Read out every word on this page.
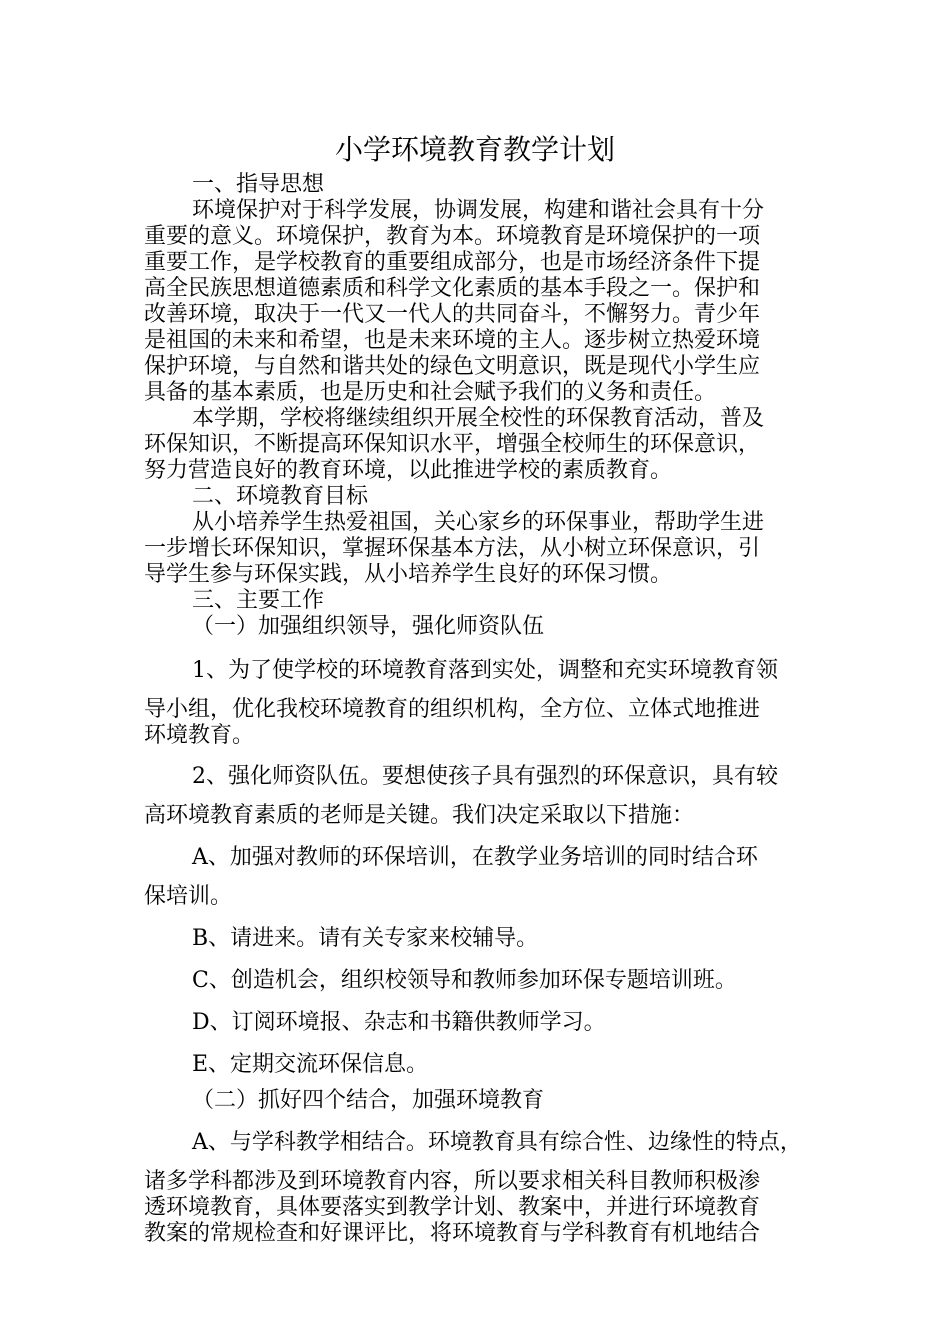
小学环境教育教学计划
一、指导思想
环境保护对于科学发展，协调发展，构建和谐社会具有十分
重要的意义。环境保护，教育为本。环境教育是环境保护的一项
重要工作，是学校教育的重要组成部分，也是市场经济条件下提
高全民族思想道德素质和科学文化素质的基本手段之一。保护和
改善环境，取决于一代又一代人的共同奋斗，不懈努力。青少年
是祖国的未来和希望，也是未来环境的主人。逐步树立热爱环境
保护环境，与自然和谐共处的绿色文明意识，既是现代小学生应
具备的基本素质，也是历史和社会赋予我们的义务和责任。
本学期，学校将继续组织开展全校性的环保教育活动，普及
环保知识，不断提高环保知识水平，增强全校师生的环保意识，
努力营造良好的教育环境，以此推进学校的素质教育。
二、环境教育目标
从小培养学生热爱祖国，关心家乡的环保事业，帮助学生进
一步增长环保知识，掌握环保基本方法，从小树立环保意识，引
导学生参与环保实践，从小培养学生良好的环保习惯。
三、主要工作
（一）加强组织领导，强化师资队伍
1、为了使学校的环境教育落到实处，调整和充实环境教育领
导小组，优化我校环境教育的组织机构，全方位、立体式地推进
环境教育。
2、强化师资队伍。要想使孩子具有强烈的环保意识，具有较
高环境教育素质的老师是关键。我们决定采取以下措施：
A、加强对教师的环保培训，在教学业务培训的同时结合环
保培训。
B、请进来。请有关专家来校辅导。
C、创造机会，组织校领导和教师参加环保专题培训班。
D、订阅环境报、杂志和书籍供教师学习。
E、定期交流环保信息。
（二）抓好四个结合，加强环境教育
A、与学科教学相结合。环境教育具有综合性、边缘性的特点，
诸多学科都涉及到环境教育内容，所以要求相关科目教师积极渗
透环境教育，具体要落实到教学计划、教案中，并进行环境教育
教案的常规检查和好课评比，将环境教育与学科教育有机地结合
